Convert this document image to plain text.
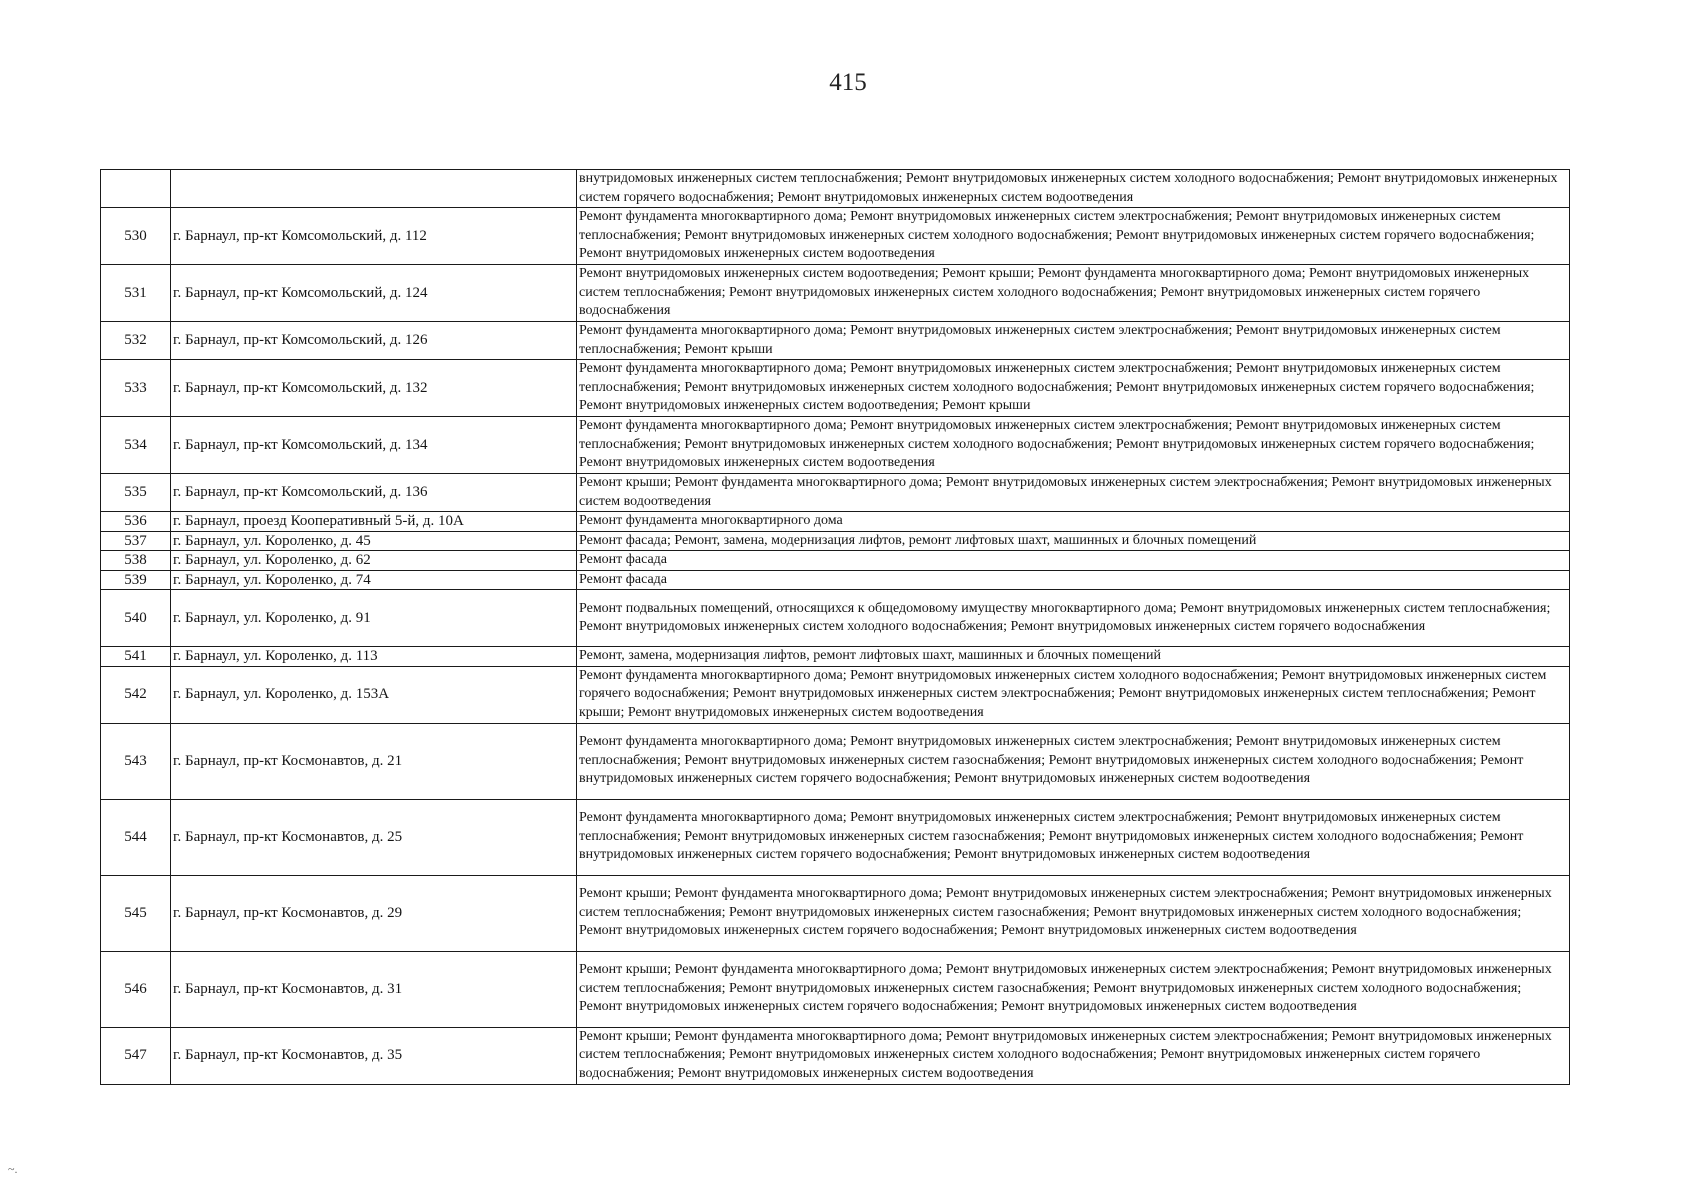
415
		внутридомовых инженерных систем теплоснабжения; Ремонт внутридомовых инженерных систем холодного водоснабжения; Ремонт внутридомовых инженерных систем горячего водоснабжения; Ремонт внутридомовых инженерных систем водоотведения
530	г. Барнаул, пр-кт Комсомольский, д. 112	Ремонт фундамента многоквартирного дома; Ремонт внутридомовых инженерных систем электроснабжения; Ремонт внутридомовых инженерных систем теплоснабжения; Ремонт внутридомовых инженерных систем холодного водоснабжения; Ремонт внутридомовых инженерных систем горячего водоснабжения; Ремонт внутридомовых инженерных систем водоотведения
531	г. Барнаул, пр-кт Комсомольский, д. 124	Ремонт внутридомовых инженерных систем водоотведения; Ремонт крыши; Ремонт фундамента многоквартирного дома; Ремонт внутридомовых инженерных систем теплоснабжения; Ремонт внутридомовых инженерных систем холодного водоснабжения; Ремонт внутридомовых инженерных систем горячего водоснабжения
532	г. Барнаул, пр-кт Комсомольский, д. 126	Ремонт фундамента многоквартирного дома; Ремонт внутридомовых инженерных систем электроснабжения; Ремонт внутридомовых инженерных систем теплоснабжения; Ремонт крыши
533	г. Барнаул, пр-кт Комсомольский, д. 132	Ремонт фундамента многоквартирного дома; Ремонт внутридомовых инженерных систем электроснабжения; Ремонт внутридомовых инженерных систем теплоснабжения; Ремонт внутридомовых инженерных систем холодного водоснабжения; Ремонт внутридомовых инженерных систем горячего водоснабжения; Ремонт внутридомовых инженерных систем водоотведения; Ремонт крыши
534	г. Барнаул, пр-кт Комсомольский, д. 134	Ремонт фундамента многоквартирного дома; Ремонт внутридомовых инженерных систем электроснабжения; Ремонт внутридомовых инженерных систем теплоснабжения; Ремонт внутридомовых инженерных систем холодного водоснабжения; Ремонт внутридомовых инженерных систем горячего водоснабжения; Ремонт внутридомовых инженерных систем водоотведения
535	г. Барнаул, пр-кт Комсомольский, д. 136	Ремонт крыши; Ремонт фундамента многоквартирного дома; Ремонт внутридомовых инженерных систем электроснабжения; Ремонт внутридомовых инженерных систем водоотведения
536	г. Барнаул, проезд Кооперативный 5-й, д. 10А	Ремонт фундамента многоквартирного дома
537	г. Барнаул, ул. Короленко, д. 45	Ремонт фасада; Ремонт, замена, модернизация лифтов, ремонт лифтовых шахт, машинных и блочных помещений
538	г. Барнаул, ул. Короленко, д. 62	Ремонт фасада
539	г. Барнаул, ул. Короленко, д. 74	Ремонт фасада
540	г. Барнаул, ул. Короленко, д. 91	Ремонт подвальных помещений, относящихся к общедомовому имуществу многоквартирного дома; Ремонт внутридомовых инженерных систем теплоснабжения; Ремонт внутридомовых инженерных систем холодного водоснабжения; Ремонт внутридомовых инженерных систем горячего водоснабжения
541	г. Барнаул, ул. Короленко, д. 113	Ремонт, замена, модернизация лифтов, ремонт лифтовых шахт, машинных и блочных помещений
542	г. Барнаул, ул. Короленко, д. 153А	Ремонт фундамента многоквартирного дома; Ремонт внутридомовых инженерных систем холодного водоснабжения; Ремонт внутридомовых инженерных систем горячего водоснабжения; Ремонт внутридомовых инженерных систем электроснабжения; Ремонт внутридомовых инженерных систем теплоснабжения; Ремонт крыши; Ремонт внутридомовых инженерных систем водоотведения
543	г. Барнаул, пр-кт Космонавтов, д. 21	Ремонт фундамента многоквартирного дома; Ремонт внутридомовых инженерных систем электроснабжения; Ремонт внутридомовых инженерных систем теплоснабжения; Ремонт внутридомовых инженерных систем газоснабжения; Ремонт внутридомовых инженерных систем холодного водоснабжения; Ремонт внутридомовых инженерных систем горячего водоснабжения; Ремонт внутридомовых инженерных систем водоотведения
544	г. Барнаул, пр-кт Космонавтов, д. 25	Ремонт фундамента многоквартирного дома; Ремонт внутридомовых инженерных систем электроснабжения; Ремонт внутридомовых инженерных систем теплоснабжения; Ремонт внутридомовых инженерных систем газоснабжения; Ремонт внутридомовых инженерных систем холодного водоснабжения; Ремонт внутридомовых инженерных систем горячего водоснабжения; Ремонт внутридомовых инженерных систем водоотведения
545	г. Барнаул, пр-кт Космонавтов, д. 29	Ремонт крыши; Ремонт фундамента многоквартирного дома; Ремонт внутридомовых инженерных систем электроснабжения; Ремонт внутридомовых инженерных систем теплоснабжения; Ремонт внутридомовых инженерных систем газоснабжения; Ремонт внутридомовых инженерных систем холодного водоснабжения; Ремонт внутридомовых инженерных систем горячего водоснабжения; Ремонт внутридомовых инженерных систем водоотведения
546	г. Барнаул, пр-кт Космонавтов, д. 31	Ремонт крыши; Ремонт фундамента многоквартирного дома; Ремонт внутридомовых инженерных систем электроснабжения; Ремонт внутридомовых инженерных систем теплоснабжения; Ремонт внутридомовых инженерных систем газоснабжения; Ремонт внутридомовых инженерных систем холодного водоснабжения; Ремонт внутридомовых инженерных систем горячего водоснабжения; Ремонт внутридомовых инженерных систем водоотведения
547	г. Барнаул, пр-кт Космонавтов, д. 35	Ремонт крыши; Ремонт фундамента многоквартирного дома; Ремонт внутридомовых инженерных систем электроснабжения; Ремонт внутридомовых инженерных систем теплоснабжения; Ремонт внутридомовых инженерных систем холодного водоснабжения; Ремонт внутридомовых инженерных систем горячего водоснабжения; Ремонт внутридомовых инженерных систем водоотведения
~.
